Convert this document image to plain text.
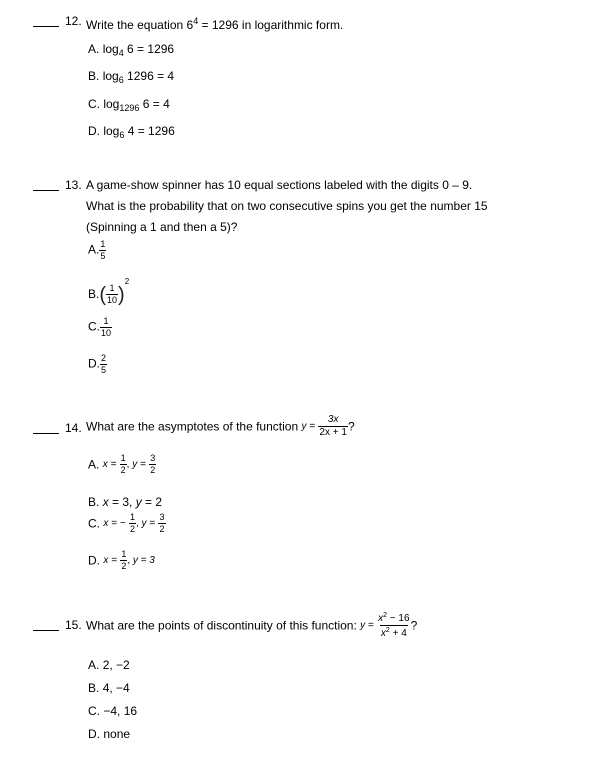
12. Write the equation $6^4 = 1296$ in logarithmic form.
A. $\log_4 6 = 1296$
B. $\log_6 1296 = 4$
C. $\log_{1296} 6 = 4$
D. $\log_6 4 = 1296$
13. A game-show spinner has 10 equal sections labeled with the digits 0 – 9.
What is the probability that on two consecutive spins you get the number 15
(Spinning a 1 and then a 5)?
A. $\frac{1}{5}$
$B.( \frac{1}{10} )^2$
C. $\frac{1}{10}$
D. $\frac{2}{5}$
14. What are the asymptotes of the function $y = \frac{3x}{2x + 1}$ ?
A. $x = \frac{1}{2}$ , $y = \frac{3}{2}$
B. x = 3, y = 2
C. x = − $\frac{1}{2}$ , $y = \frac{3}{2}$
D. $x = \frac{1}{2}$ , y = 3
15. What are the points of discontinuity of this function: $y = \frac{x^2 - 16}{x^2 + 4}$ ?
A. 2, −2
B. 4, −4
C. −4, 16
D. none
